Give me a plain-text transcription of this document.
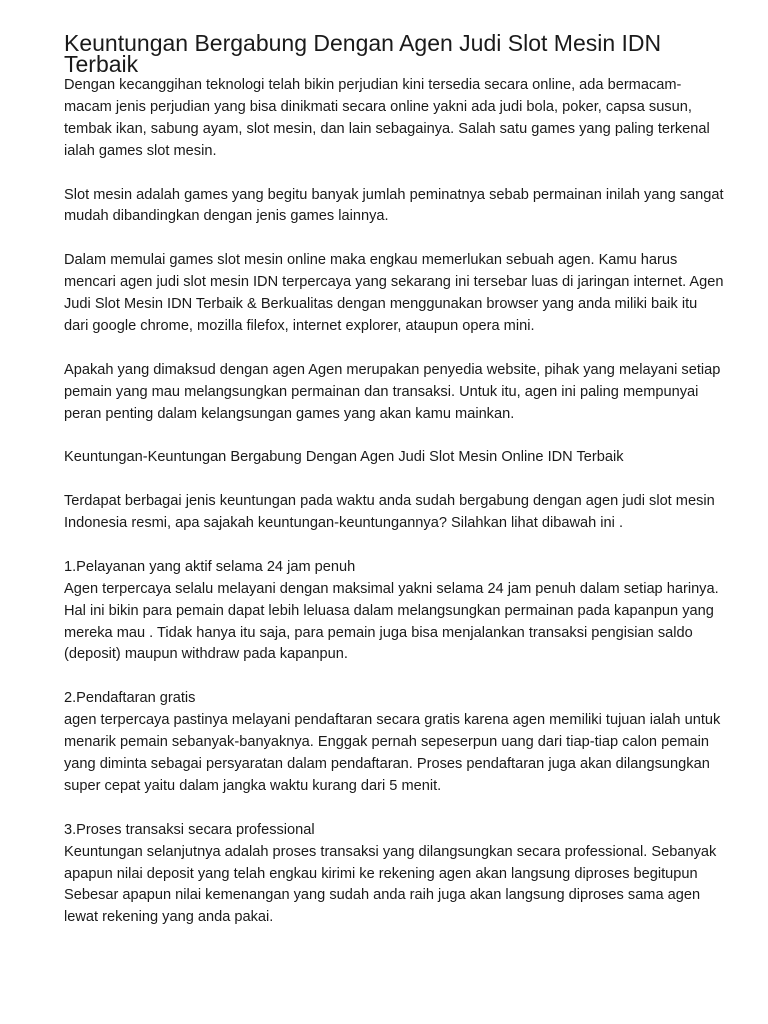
Keuntungan Bergabung Dengan Agen Judi Slot Mesin IDN Terbaik

Dengan kecanggihan teknologi telah bikin perjudian kini tersedia secara online, ada bermacam-macam jenis perjudian yang bisa dinikmati secara online yakni ada judi bola, poker, capsa susun, tembak ikan, sabung ayam, slot mesin, dan lain sebagainya. Salah satu games yang paling terkenal ialah games slot mesin.

Slot mesin adalah games yang begitu banyak jumlah peminatnya sebab permainan inilah yang sangat mudah dibandingkan dengan jenis games lainnya.

Dalam memulai games slot mesin online maka engkau memerlukan sebuah agen. Kamu harus mencari agen judi slot mesin IDN terpercaya yang sekarang ini tersebar luas di jaringan internet. Agen Judi Slot Mesin IDN Terbaik & Berkualitas dengan menggunakan browser yang anda miliki baik itu dari google chrome, mozilla filefox, internet explorer, ataupun opera mini.

Apakah yang dimaksud dengan agen Agen merupakan penyedia website, pihak yang melayani setiap pemain yang mau melangsungkan permainan dan transaksi. Untuk itu, agen ini paling mempunyai peran penting dalam kelangsungan games yang akan kamu mainkan.

Keuntungan-Keuntungan Bergabung Dengan Agen Judi Slot Mesin Online IDN Terbaik

Terdapat berbagai jenis keuntungan pada waktu anda sudah bergabung dengan agen judi slot mesin Indonesia resmi, apa sajakah keuntungan-keuntungannya? Silahkan lihat dibawah ini .

1.Pelayanan yang aktif selama 24 jam penuh
Agen terpercaya selalu melayani dengan maksimal yakni selama 24 jam penuh dalam setiap harinya. Hal ini bikin para pemain dapat lebih leluasa dalam melangsungkan permainan pada kapanpun yang mereka mau . Tidak hanya itu saja, para pemain juga bisa menjalankan transaksi pengisian saldo (deposit) maupun withdraw pada kapanpun.
2.Pendaftaran gratis
agen terpercaya pastinya melayani pendaftaran secara gratis karena agen memiliki tujuan ialah untuk menarik pemain sebanyak-banyaknya. Enggak pernah sepeserpun uang dari tiap-tiap calon pemain yang diminta sebagai persyaratan dalam pendaftaran. Proses pendaftaran juga akan dilangsungkan super cepat yaitu dalam jangka waktu kurang dari 5 menit.
3.Proses transaksi secara professional
Keuntungan selanjutnya adalah proses transaksi yang dilangsungkan secara professional. Sebanyak apapun nilai deposit yang telah engkau kirimi ke rekening agen akan langsung diproses begitupun Sebesar apapun nilai kemenangan yang sudah anda raih juga akan langsung diproses sama agen lewat rekening yang anda pakai.
